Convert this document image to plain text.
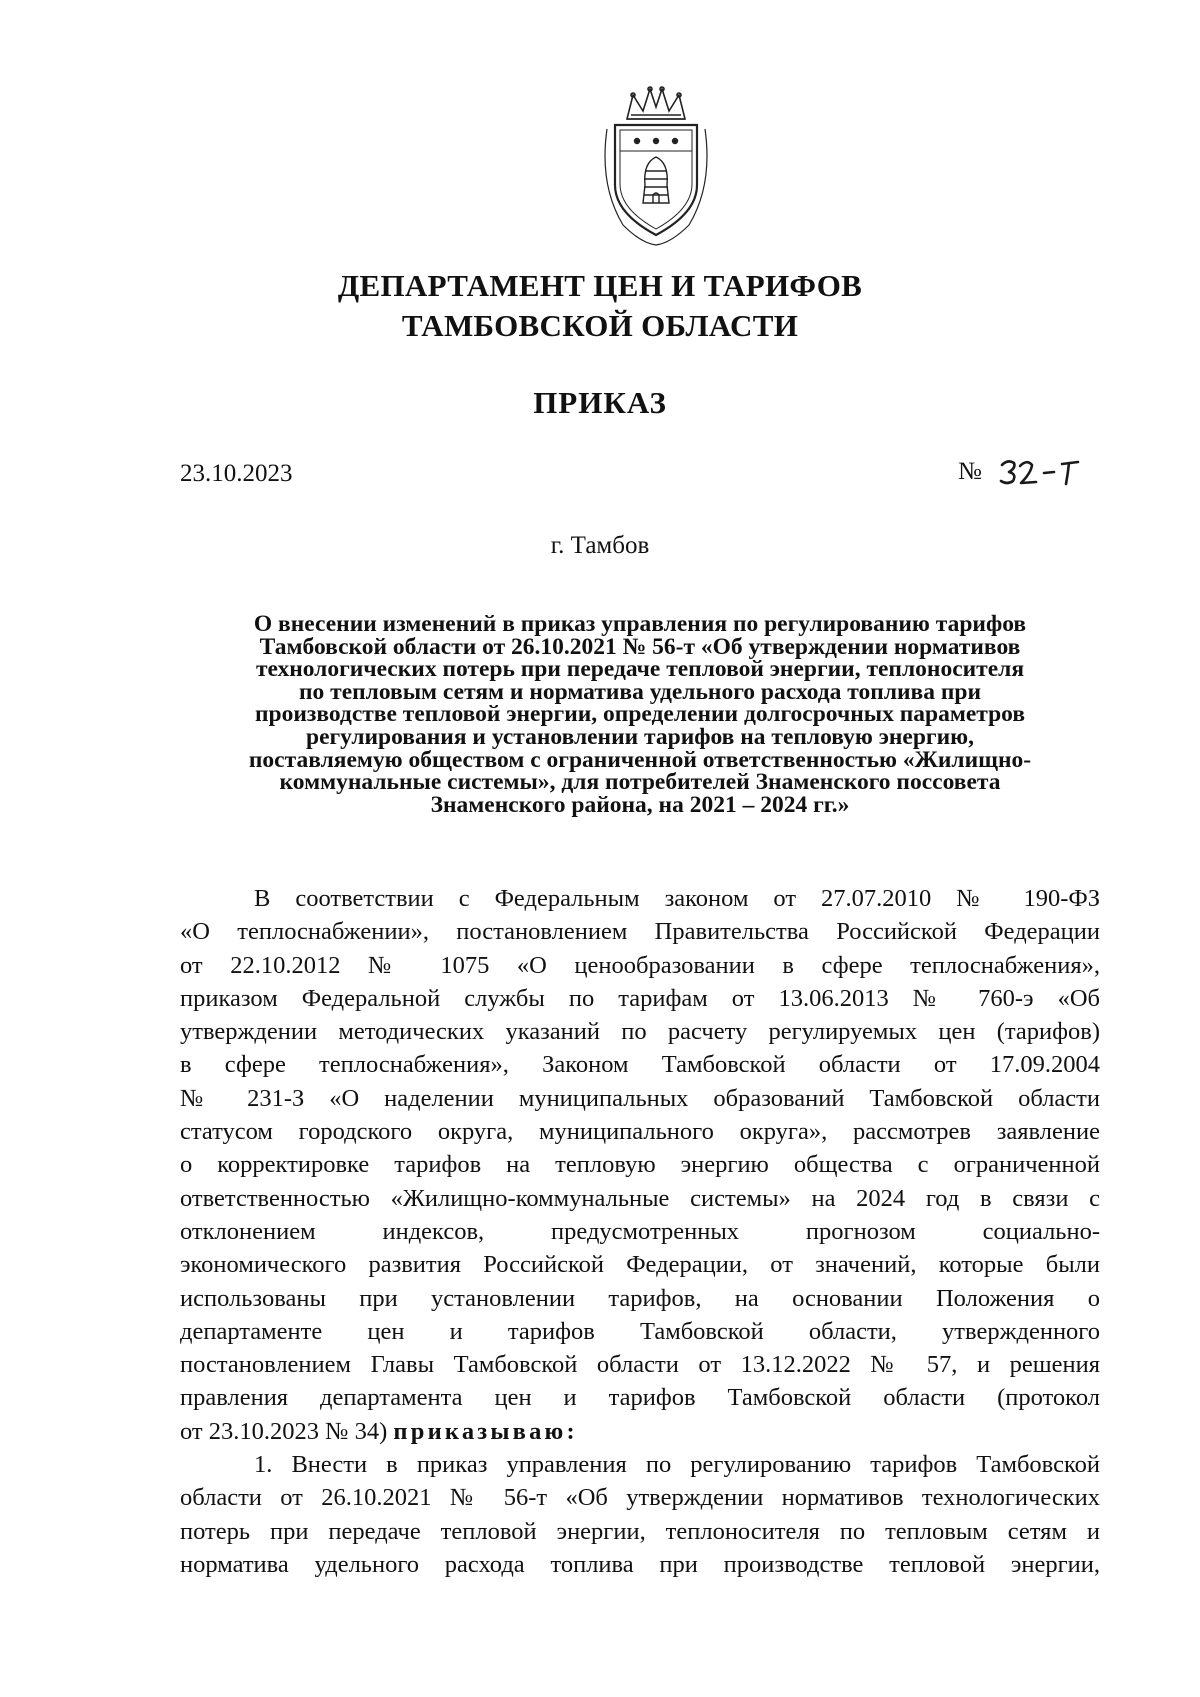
ДЕПАРТАМЕНТ ЦЕН И ТАРИФОВ
ТАМБОВСКОЙ ОБЛАСТИ
ПРИКАЗ
23.10.2023	№
г. Тамбов
О внесении изменений в приказ управления по регулированию тарифов
Тамбовской области от 26.10.2021 № 56-т «Об утверждении нормативов
технологических потерь при передаче тепловой энергии, теплоносителя
по тепловым сетям и норматива удельного расхода топлива при
производстве тепловой энергии, определении долгосрочных параметров
регулирования и установлении тарифов на тепловую энергию,
поставляемую обществом с ограниченной ответственностью «Жилищно-
коммунальные системы», для потребителей Знаменского поссовета
Знаменского района, на 2021 – 2024 гг.»
В соответствии с Федеральным законом от 27.07.2010 № 190-ФЗ
«О теплоснабжении», постановлением Правительства Российской Федерации
от 22.10.2012 № 1075 «О ценообразовании в сфере теплоснабжения»,
приказом Федеральной службы по тарифам от 13.06.2013 № 760-э «Об
утверждении методических указаний по расчету регулируемых цен (тарифов)
в сфере теплоснабжения», Законом Тамбовской области от 17.09.2004
№ 231-З «О наделении муниципальных образований Тамбовской области
статусом городского округа, муниципального округа», рассмотрев заявление
о корректировке тарифов на тепловую энергию общества с ограниченной
ответственностью «Жилищно-коммунальные системы» на 2024 год в связи с
отклонением индексов, предусмотренных прогнозом социально-
экономического развития Российской Федерации, от значений, которые были
использованы при установлении тарифов, на основании Положения о
департаменте цен и тарифов Тамбовской области, утвержденного
постановлением Главы Тамбовской области от 13.12.2022 № 57, и решения
правления департамента цен и тарифов Тамбовской области (протокол
от 23.10.2023 № 34) приказываю:
1. Внести в приказ управления по регулированию тарифов Тамбовской
области от 26.10.2021 № 56-т «Об утверждении нормативов технологических
потерь при передаче тепловой энергии, теплоносителя по тепловым сетям и
норматива удельного расхода топлива при производстве тепловой энергии,
